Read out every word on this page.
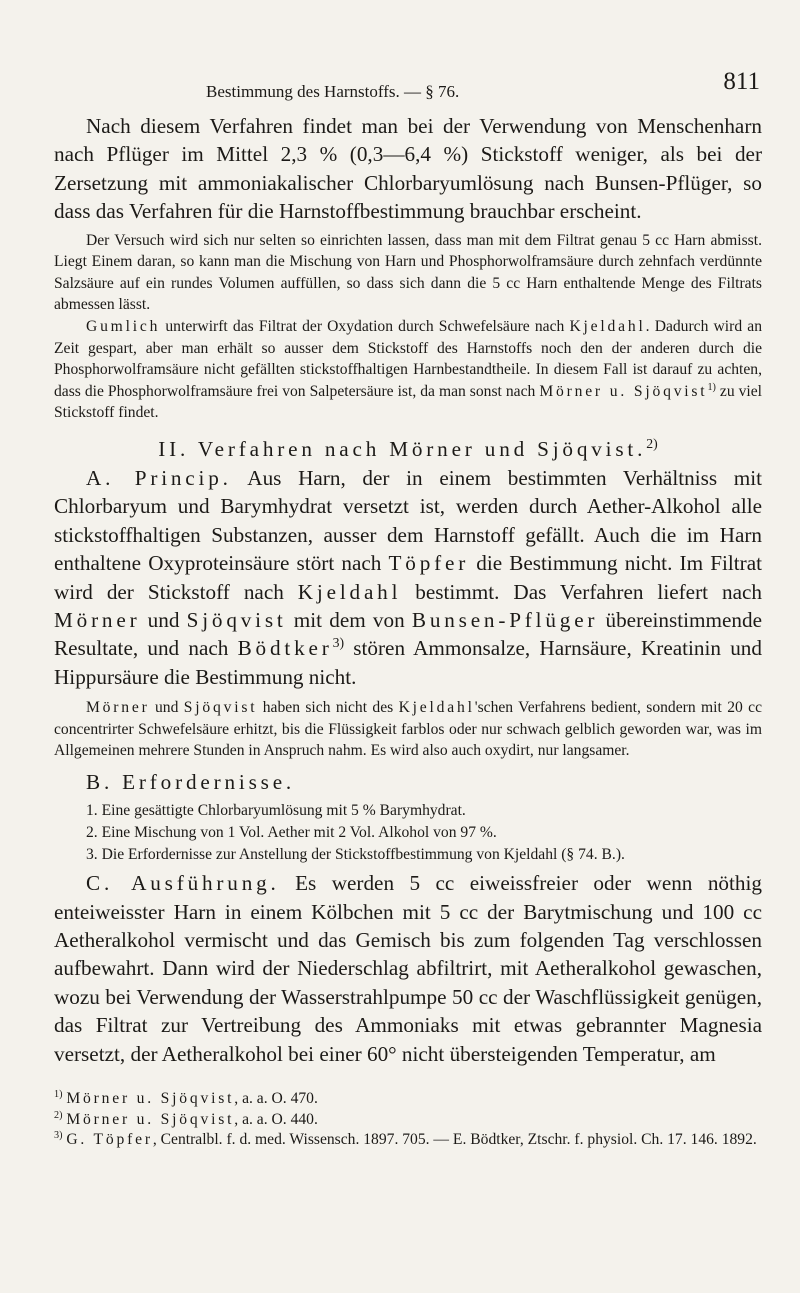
Bestimmung des Harnstoffs. — § 76.	811

Nach diesem Verfahren findet man bei der Verwendung von Menschenharn nach Pflüger im Mittel 2,3 % (0,3—6,4 %) Stickstoff weniger, als bei der Zersetzung mit ammoniakalischer Chlorbaryumlösung nach Bunsen-Pflüger, so dass das Verfahren für die Harnstoffbestimmung brauchbar erscheint.

Der Versuch wird sich nur selten so einrichten lassen, dass man mit dem Filtrat genau 5 cc Harn abmisst. Liegt Einem daran, so kann man die Mischung von Harn und Phosphorwolframsäure durch zehnfach verdünnte Salzsäure auf ein rundes Volumen auffüllen, so dass sich dann die 5 cc Harn enthaltende Menge des Filtrats abmessen lässt.

Gumlich unterwirft das Filtrat der Oxydation durch Schwefelsäure nach Kjeldahl. Dadurch wird an Zeit gespart, aber man erhält so ausser dem Stickstoff des Harnstoffs noch den der anderen durch die Phosphorwolframsäure nicht gefällten stickstoffhaltigen Harnbestandtheile. In diesem Fall ist darauf zu achten, dass die Phosphorwolframsäure frei von Salpetersäure ist, da man sonst nach Mörner u. Sjöqvist$^{1)}$ zu viel Stickstoff findet.

II. Verfahren nach Mörner und Sjöqvist.$^{2)}$

A. Princip. Aus Harn, der in einem bestimmten Verhältniss mit Chlorbaryum und Barymhydrat versetzt ist, werden durch Aether-Alkohol alle stickstoffhaltigen Substanzen, ausser dem Harnstoff gefällt. Auch die im Harn enthaltene Oxyproteinsäure stört nach Töpfer die Bestimmung nicht. Im Filtrat wird der Stickstoff nach Kjeldahl bestimmt. Das Verfahren liefert nach Mörner und Sjöqvist mit dem von Bunsen-Pflüger übereinstimmende Resultate, und nach Bödtker$^{3)}$ stören Ammonsalze, Harnsäure, Kreatinin und Hippursäure die Bestimmung nicht.

Mörner und Sjöqvist haben sich nicht des Kjeldahl'schen Verfahrens bedient, sondern mit 20 cc concentrirter Schwefelsäure erhitzt, bis die Flüssigkeit farblos oder nur schwach gelblich geworden war, was im Allgemeinen mehrere Stunden in Anspruch nahm. Es wird also auch oxydirt, nur langsamer.

B. Erfordernisse.

1. Eine gesättigte Chlorbaryumlösung mit 5 % Barymhydrat.

2. Eine Mischung von 1 Vol. Aether mit 2 Vol. Alkohol von 97 %.

3. Die Erfordernisse zur Anstellung der Stickstoffbestimmung von Kjeldahl (§ 74. B.).

C. Ausführung. Es werden 5 cc eiweissfreier oder wenn nöthig enteiweisster Harn in einem Kölbchen mit 5 cc der Barytmischung und 100 cc Aetheralkohol vermischt und das Gemisch bis zum folgenden Tag verschlossen aufbewahrt. Dann wird der Niederschlag abfiltrirt, mit Aetheralkohol gewaschen, wozu bei Verwendung der Wasserstrahlpumpe 50 cc der Waschflüssigkeit genügen, das Filtrat zur Vertreibung des Ammoniaks mit etwas gebrannter Magnesia versetzt, der Aetheralkohol bei einer 60° nicht übersteigenden Temperatur, am

$^{1)}$ Mörner u. Sjöqvist, a. a. O. 470.

$^{2)}$ Mörner u. Sjöqvist, a. a. O. 440.

$^{3)}$ G. Töpfer, Centralbl. f. d. med. Wissensch. 1897. 705. — E. Bödtker, Ztschr. f. physiol. Ch. 17. 146. 1892.
